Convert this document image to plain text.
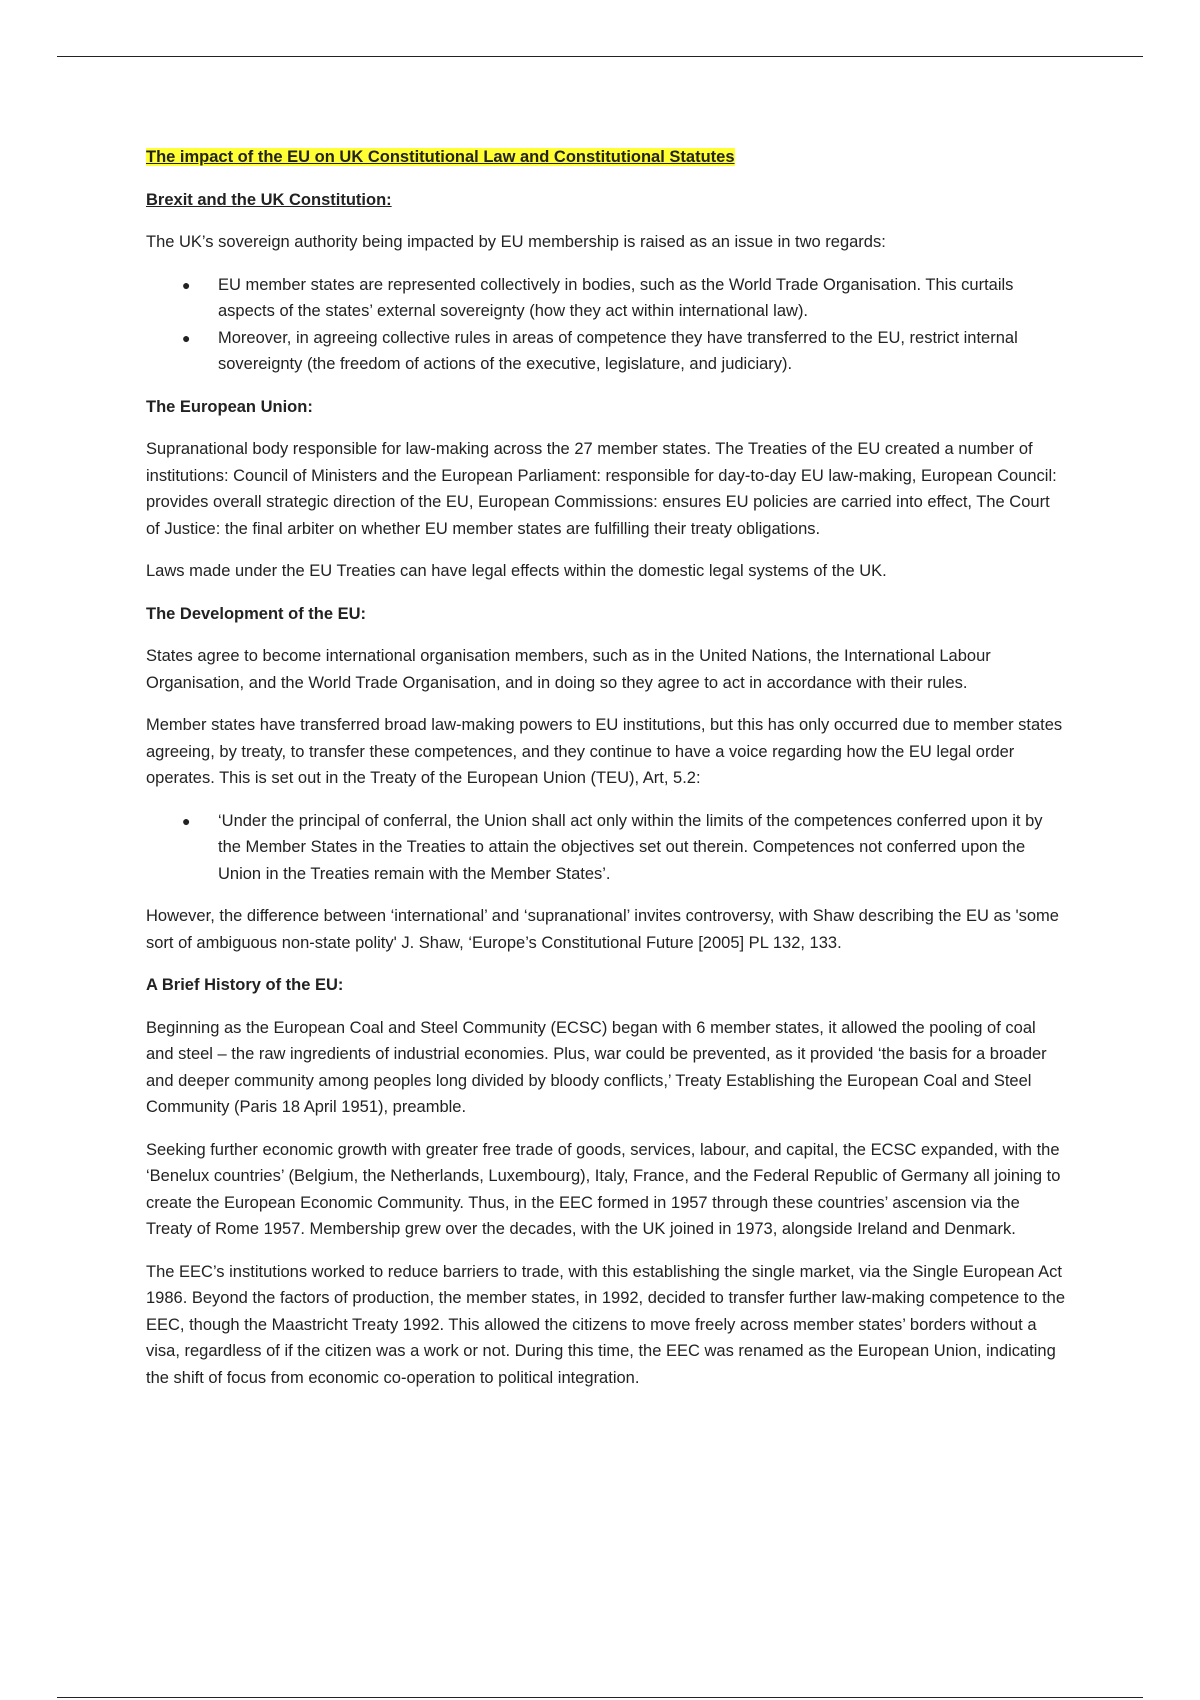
The impact of the EU on UK Constitutional Law and Constitutional Statutes

Brexit and the UK Constitution:

The UK’s sovereign authority being impacted by EU membership is raised as an issue in two regards:

● EU member states are represented collectively in bodies, such as the World Trade Organisation. This curtails aspects of the states’ external sovereignty (how they act within international law).
● Moreover, in agreeing collective rules in areas of competence they have transferred to the EU, restrict internal sovereignty (the freedom of actions of the executive, legislature, and judiciary).

The European Union:

Supranational body responsible for law-making across the 27 member states. The Treaties of the EU created a number of institutions: Council of Ministers and the European Parliament: responsible for day-to-day EU law-making, European Council: provides overall strategic direction of the EU, European Commissions: ensures EU policies are carried into effect, The Court of Justice: the final arbiter on whether EU member states are fulfilling their treaty obligations.

Laws made under the EU Treaties can have legal effects within the domestic legal systems of the UK.

The Development of the EU:

States agree to become international organisation members, such as in the United Nations, the International Labour Organisation, and the World Trade Organisation, and in doing so they agree to act in accordance with their rules.

Member states have transferred broad law-making powers to EU institutions, but this has only occurred due to member states agreeing, by treaty, to transfer these competences, and they continue to have a voice regarding how the EU legal order operates. This is set out in the Treaty of the European Union (TEU), Art, 5.2:

● ‘Under the principal of conferral, the Union shall act only within the limits of the competences conferred upon it by the Member States in the Treaties to attain the objectives set out therein. Competences not conferred upon the Union in the Treaties remain with the Member States’.

However, the difference between ‘international’ and ‘supranational’ invites controversy, with Shaw describing the EU as 'some sort of ambiguous non-state polity' J. Shaw, ‘Europe’s Constitutional Future [2005] PL 132, 133.

A Brief History of the EU:

Beginning as the European Coal and Steel Community (ECSC) began with 6 member states, it allowed the pooling of coal and steel – the raw ingredients of industrial economies. Plus, war could be prevented, as it provided ‘the basis for a broader and deeper community among peoples long divided by bloody conflicts,’ Treaty Establishing the European Coal and Steel Community (Paris 18 April 1951), preamble.

Seeking further economic growth with greater free trade of goods, services, labour, and capital, the ECSC expanded, with the ‘Benelux countries’ (Belgium, the Netherlands, Luxembourg), Italy, France, and the Federal Republic of Germany all joining to create the European Economic Community. Thus, in the EEC formed in 1957 through these countries’ ascension via the Treaty of Rome 1957. Membership grew over the decades, with the UK joined in 1973, alongside Ireland and Denmark.

The EEC’s institutions worked to reduce barriers to trade, with this establishing the single market, via the Single European Act 1986. Beyond the factors of production, the member states, in 1992, decided to transfer further law-making competence to the EEC, though the Maastricht Treaty 1992. This allowed the citizens to move freely across member states’ borders without a visa, regardless of if the citizen was a work or not. During this time, the EEC was renamed as the European Union, indicating the shift of focus from economic co-operation to political integration.
